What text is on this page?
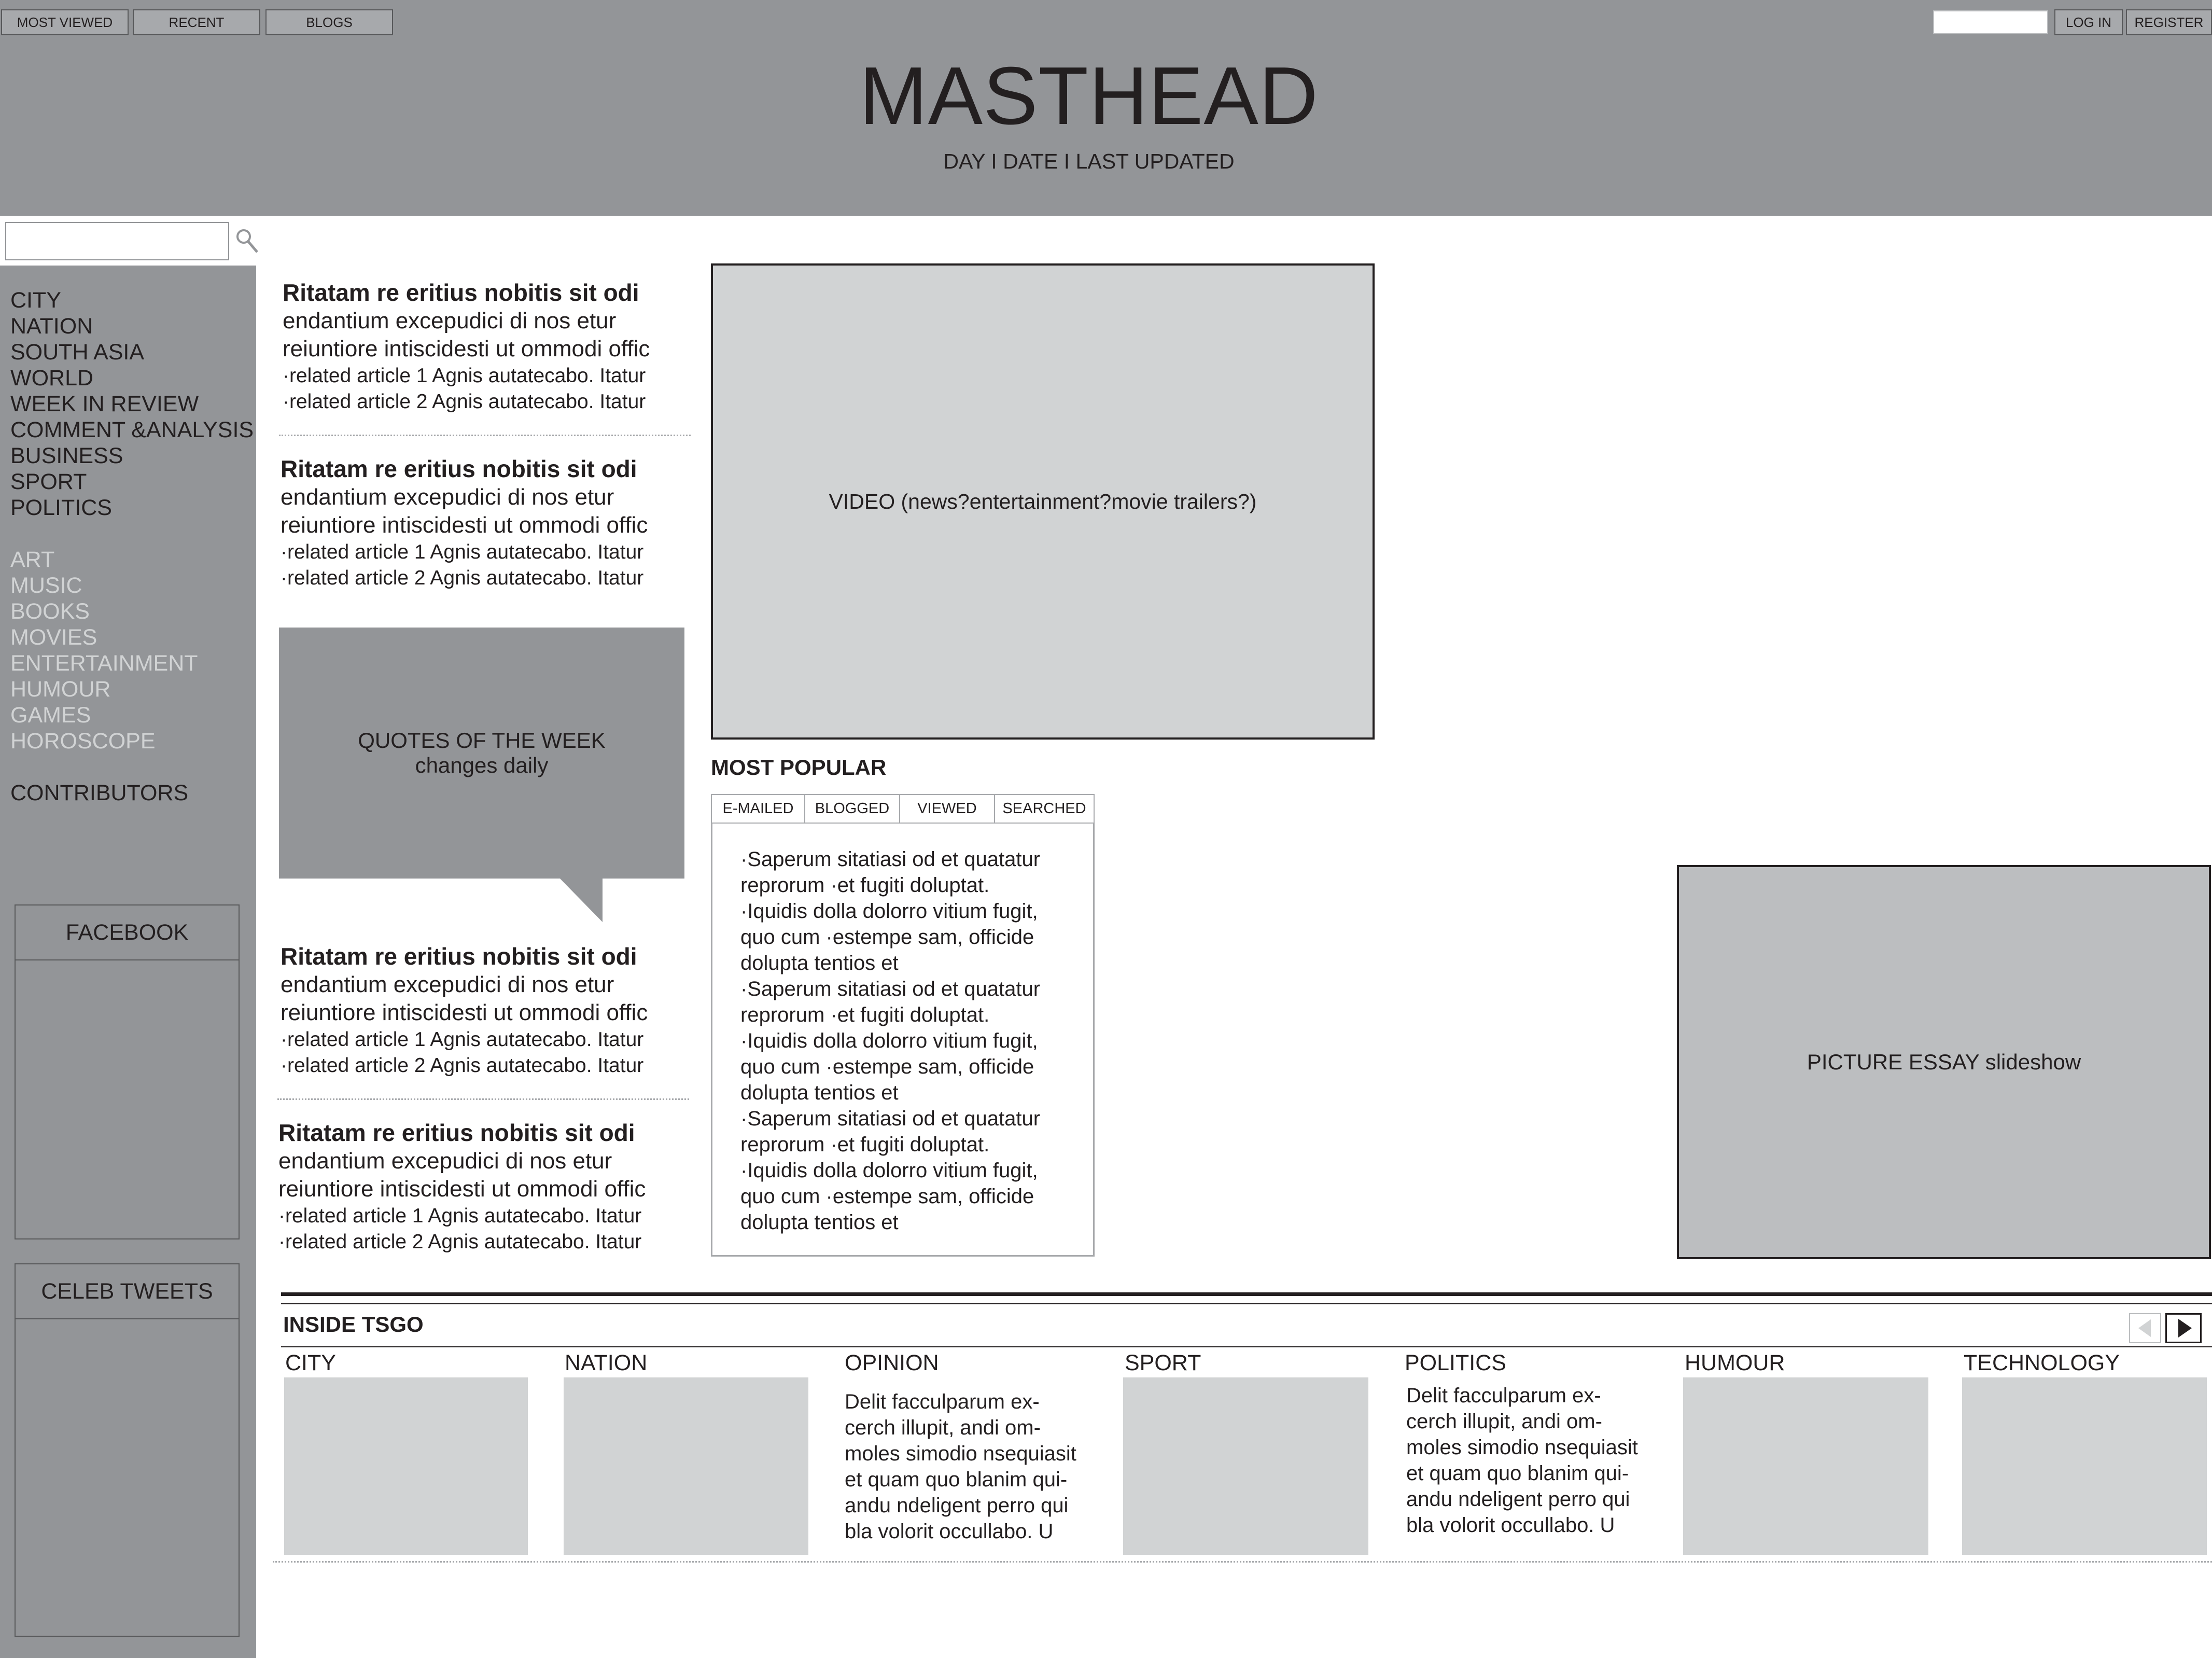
MOST VIEWED	RECENT	BLOGS	LOG IN	REGISTER
MASTHEAD
DAY I DATE I LAST UPDATED
CITY
NATION
SOUTH ASIA
WORLD
WEEK IN REVIEW
COMMENT &ANALYSIS
BUSINESS
SPORT
POLITICS
ART
MUSIC
BOOKS
MOVIES
ENTERTAINMENT
HUMOUR
GAMES
HOROSCOPE
CONTRIBUTORS
FACEBOOK
CELEB TWEETS
Ritatam re eritius nobitis sit odi
endantium excepudici di nos etur
reiuntiore intiscidesti ut ommodi offic
·related article 1 Agnis autatecabo. Itatur
·related article 2 Agnis autatecabo. Itatur
Ritatam re eritius nobitis sit odi
endantium excepudici di nos etur
reiuntiore intiscidesti ut ommodi offic
·related article 1 Agnis autatecabo. Itatur
·related article 2 Agnis autatecabo. Itatur
QUOTES OF THE WEEK
changes daily
Ritatam re eritius nobitis sit odi
endantium excepudici di nos etur
reiuntiore intiscidesti ut ommodi offic
·related article 1 Agnis autatecabo. Itatur
·related article 2 Agnis autatecabo. Itatur
Ritatam re eritius nobitis sit odi
endantium excepudici di nos etur
reiuntiore intiscidesti ut ommodi offic
·related article 1 Agnis autatecabo. Itatur
·related article 2 Agnis autatecabo. Itatur
VIDEO (news?entertainment?movie trailers?)
MOST POPULAR
E-MAILED	BLOGGED	VIEWED	SEARCHED
·Saperum sitatiasi od et quatatur
reprorum ·et fugiti doluptat.
·Iquidis dolla dolorro vitium fugit,
quo cum ·estempe sam, officide
dolupta tentios et
·Saperum sitatiasi od et quatatur
reprorum ·et fugiti doluptat.
·Iquidis dolla dolorro vitium fugit,
quo cum ·estempe sam, officide
dolupta tentios et
·Saperum sitatiasi od et quatatur
reprorum ·et fugiti doluptat.
·Iquidis dolla dolorro vitium fugit,
quo cum ·estempe sam, officide
dolupta tentios et
PICTURE ESSAY slideshow
INSIDE TSGO
CITY	NATION	OPINION
Delit facculparum ex-
cerch illupit, andi om-
moles simodio nsequiasit
et quam quo blanim qui-
andu ndeligent perro qui
bla volorit occullabo. U
SPORT	POLITICS
Delit facculparum ex-
cerch illupit, andi om-
moles simodio nsequiasit
et quam quo blanim qui-
andu ndeligent perro qui
bla volorit occullabo. U
HUMOUR	TECHNOLOGY
